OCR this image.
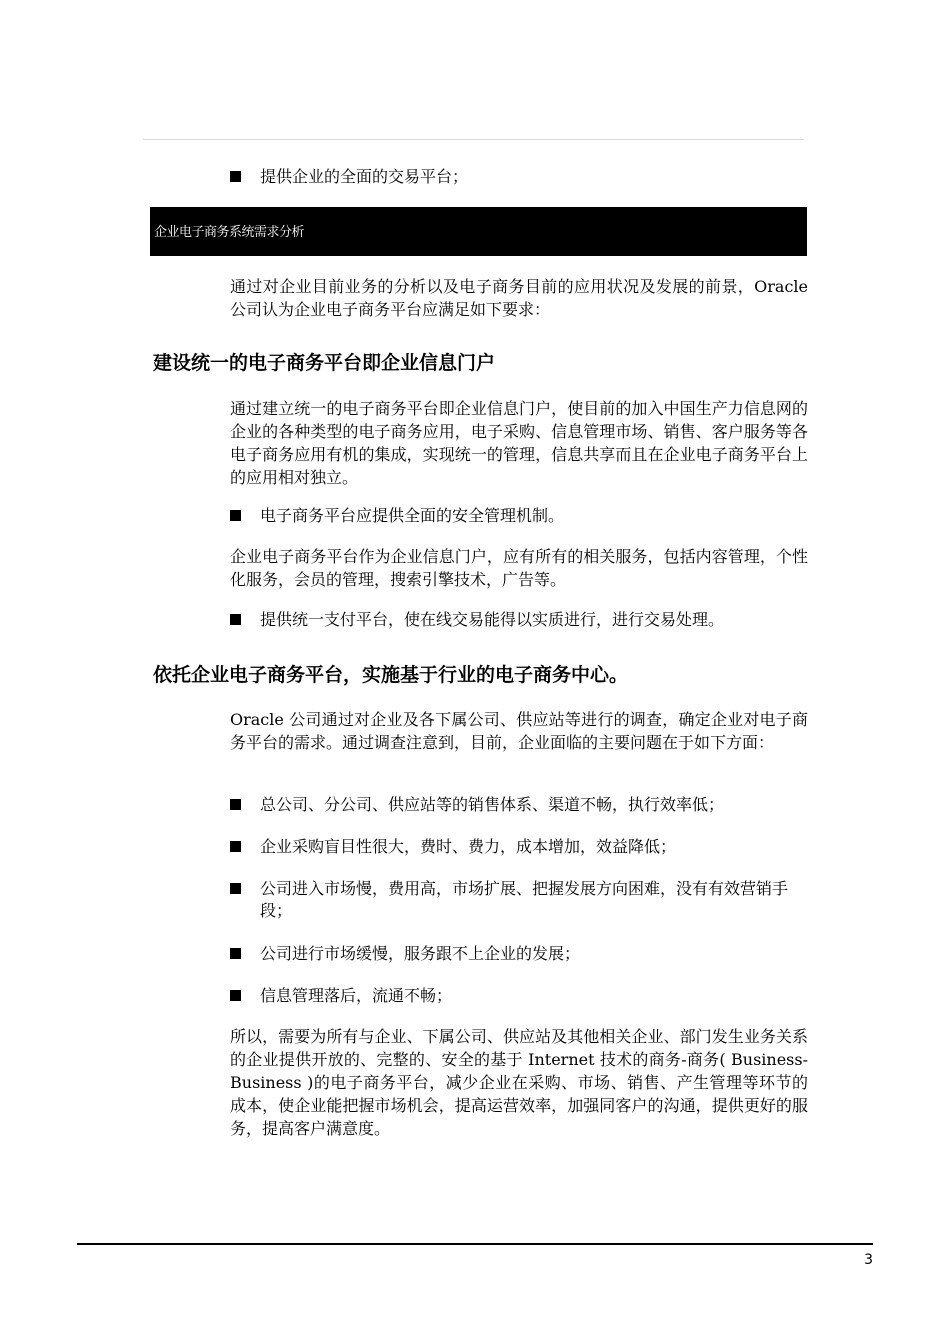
提供企业的全面的交易平台；
企业电子商务系统需求分析

通过对企业目前业务的分析以及电子商务目前的应用状况及发展的前景，Oracle 公司认为企业电子商务平台应满足如下要求：

建设统一的电子商务平台即企业信息门户

通过建立统一的电子商务平台即企业信息门户，使目前的加入中国生产力信息网的企业的各种类型的电子商务应用，电子采购、信息管理市场、销售、客户服务等各电子商务应用有机的集成，实现统一的管理，信息共享而且在企业电子商务平台上的应用相对独立。

电子商务平台应提供全面的安全管理机制。

企业电子商务平台作为企业信息门户，应有所有的相关服务，包括内容管理，个性化服务，会员的管理，搜索引擎技术，广告等。

提供统一支付平台，使在线交易能得以实质进行，进行交易处理。
依托企业电子商务平台，实施基于行业的电子商务中心。

Oracle 公司通过对企业及各下属公司、供应站等进行的调查，确定企业对电子商务平台的需求。通过调查注意到，目前，企业面临的主要问题在于如下方面：

总公司、分公司、供应站等的销售体系、渠道不畅，执行效率低；
企业采购盲目性很大，费时、费力，成本增加，效益降低；
公司进入市场慢，费用高，市场扩展、把握发展方向困难，没有有效营销手段；
公司进行市场缓慢，服务跟不上企业的发展；
信息管理落后，流通不畅；

所以，需要为所有与企业、下属公司、供应站及其他相关企业、部门发生业务关系的企业提供开放的、完整的、安全的基于 Internet 技术的商务-商务( Business-Business )的电子商务平台，减少企业在采购、市场、销售、产生管理等环节的成本，使企业能把握市场机会，提高运营效率，加强同客户的沟通，提供更好的服务，提高客户满意度。

3
